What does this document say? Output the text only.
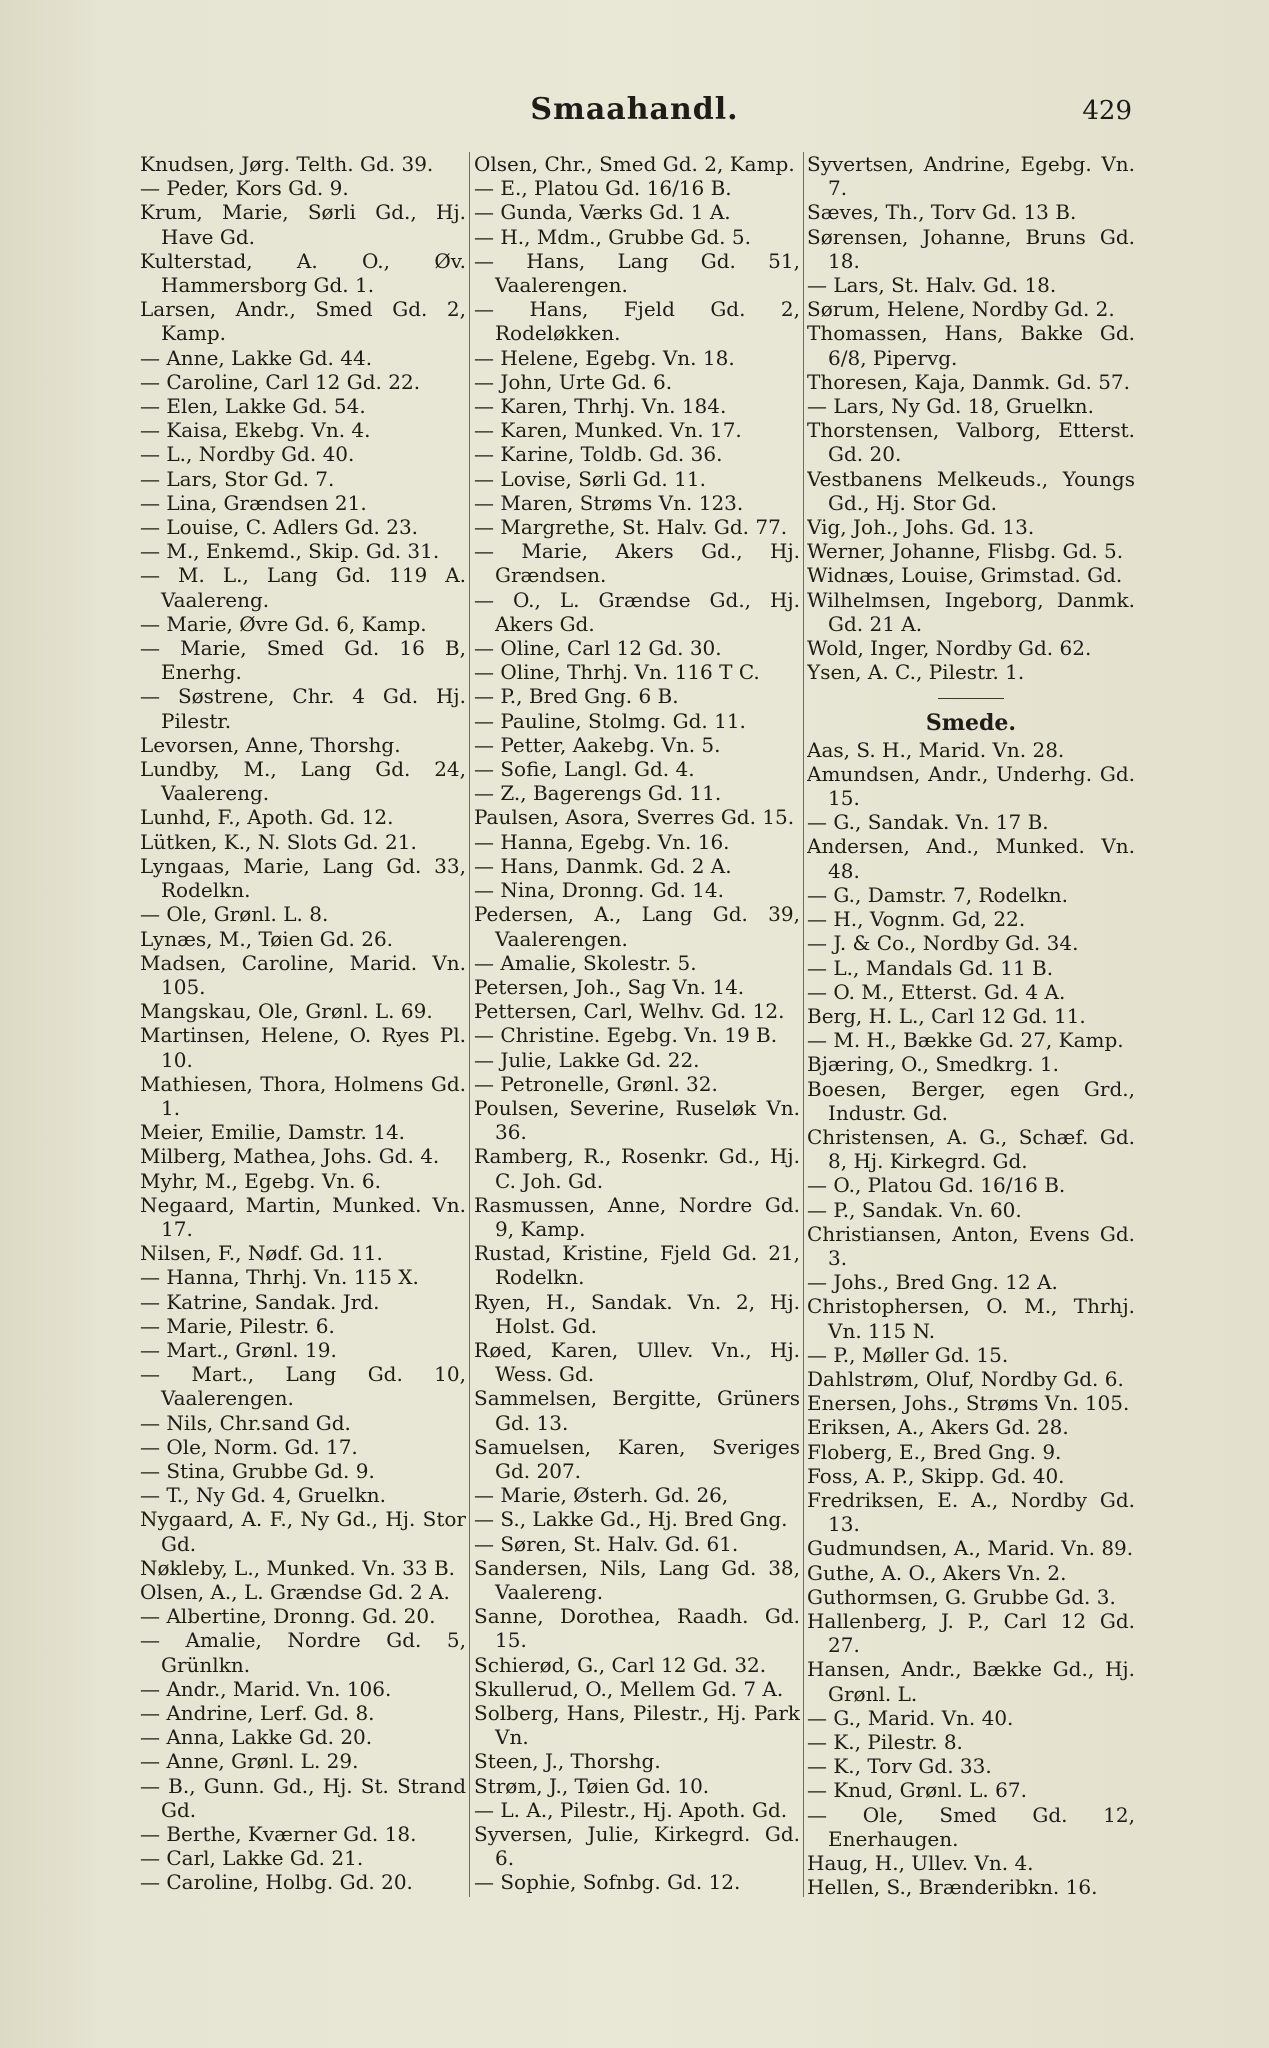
Smaahandl.	429

Knudsen, Jørg. Telth. Gd. 39.

— Peder, Kors Gd. 9.

Krum, Marie, Sørli Gd., Hj. Have Gd.

Kulterstad, A. O., Øv. Hammersborg Gd. 1.

Larsen, Andr., Smed Gd. 2, Kamp.

— Anne, Lakke Gd. 44.

— Caroline, Carl 12 Gd. 22.

— Elen, Lakke Gd. 54.

— Kaisa, Ekebg. Vn. 4.

— L., Nordby Gd. 40.

— Lars, Stor Gd. 7.

— Lina, Grændsen 21.

— Louise, C. Adlers Gd. 23.

— M., Enkemd., Skip. Gd. 31.

— M. L., Lang Gd. 119 A. Vaalereng.

— Marie, Øvre Gd. 6, Kamp.

— Marie, Smed Gd. 16 B, Enerhg.

— Søstrene, Chr. 4 Gd. Hj. Pilestr.

Levorsen, Anne, Thorshg.

Lundby, M., Lang Gd. 24, Vaalereng.

Lunhd, F., Apoth. Gd. 12.

Lütken, K., N. Slots Gd. 21.

Lyngaas, Marie, Lang Gd. 33, Rodelkn.

— Ole, Grønl. L. 8.

Lynæs, M., Tøien Gd. 26.

Madsen, Caroline, Marid. Vn. 105.

Mangskau, Ole, Grønl. L. 69.

Martinsen, Helene, O. Ryes Pl. 10.

Mathiesen, Thora, Holmens Gd. 1.

Meier, Emilie, Damstr. 14.

Milberg, Mathea, Johs. Gd. 4.

Myhr, M., Egebg. Vn. 6.

Negaard, Martin, Munked. Vn. 17.

Nilsen, F., Nødf. Gd. 11.

— Hanna, Thrhj. Vn. 115 X.

— Katrine, Sandak. Jrd.

— Marie, Pilestr. 6.

— Mart., Grønl. 19.

— Mart., Lang Gd. 10, Vaalerengen.

— Nils, Chr.sand Gd.

— Ole, Norm. Gd. 17.

— Stina, Grubbe Gd. 9.

— T., Ny Gd. 4, Gruelkn.

Nygaard, A. F., Ny Gd., Hj. Stor Gd.

Nøkleby, L., Munked. Vn. 33 B.

Olsen, A., L. Grændse Gd. 2 A.

— Albertine, Dronng. Gd. 20.

— Amalie, Nordre Gd. 5, Grünlkn.

— Andr., Marid. Vn. 106.

— Andrine, Lerf. Gd. 8.

— Anna, Lakke Gd. 20.

— Anne, Grønl. L. 29.

— B., Gunn. Gd., Hj. St. Strand Gd.

— Berthe, Kværner Gd. 18.

— Carl, Lakke Gd. 21.

— Caroline, Holbg. Gd. 20.

Olsen, Chr., Smed Gd. 2, Kamp.

— E., Platou Gd. 16/16 B.

— Gunda, Værks Gd. 1 A.

— H., Mdm., Grubbe Gd. 5.

— Hans, Lang Gd. 51, Vaalerengen.

— Hans, Fjeld Gd. 2, Rodeløkken.

— Helene, Egebg. Vn. 18.

— John, Urte Gd. 6.

— Karen, Thrhj. Vn. 184.

— Karen, Munked. Vn. 17.

— Karine, Toldb. Gd. 36.

— Lovise, Sørli Gd. 11.

— Maren, Strøms Vn. 123.

— Margrethe, St. Halv. Gd. 77.

— Marie, Akers Gd., Hj. Grændsen.

— O., L. Grændse Gd., Hj. Akers Gd.

— Oline, Carl 12 Gd. 30.

— Oline, Thrhj. Vn. 116 T C.

— P., Bred Gng. 6 B.

— Pauline, Stolmg. Gd. 11.

— Petter, Aakebg. Vn. 5.

— Sofie, Langl. Gd. 4.

— Z., Bagerengs Gd. 11.

Paulsen, Asora, Sverres Gd. 15.

— Hanna, Egebg. Vn. 16.

— Hans, Danmk. Gd. 2 A.

— Nina, Dronng. Gd. 14.

Pedersen, A., Lang Gd. 39, Vaalerengen.

— Amalie, Skolestr. 5.

Petersen, Joh., Sag Vn. 14.

Pettersen, Carl, Welhv. Gd. 12.

— Christine. Egebg. Vn. 19 B.

— Julie, Lakke Gd. 22.

— Petronelle, Grønl. 32.

Poulsen, Severine, Ruseløk Vn. 36.

Ramberg, R., Rosenkr. Gd., Hj. C. Joh. Gd.

Rasmussen, Anne, Nordre Gd. 9, Kamp.

Rustad, Kristine, Fjeld Gd. 21, Rodelkn.

Ryen, H., Sandak. Vn. 2, Hj. Holst. Gd.

Røed, Karen, Ullev. Vn., Hj. Wess. Gd.

Sammelsen, Bergitte, Grüners Gd. 13.

Samuelsen, Karen, Sveriges Gd. 207.

— Marie, Østerh. Gd. 26,

— S., Lakke Gd., Hj. Bred Gng.

— Søren, St. Halv. Gd. 61.

Sandersen, Nils, Lang Gd. 38, Vaalereng.

Sanne, Dorothea, Raadh. Gd. 15.

Schierød, G., Carl 12 Gd. 32.

Skullerud, O., Mellem Gd. 7 A.

Solberg, Hans, Pilestr., Hj. Park Vn.

Steen, J., Thorshg.

Strøm, J., Tøien Gd. 10.

— L. A., Pilestr., Hj. Apoth. Gd.

Syversen, Julie, Kirkegrd. Gd. 6.

— Sophie, Sofnbg. Gd. 12.

Syvertsen, Andrine, Egebg. Vn. 7.

Sæves, Th., Torv Gd. 13 B.

Sørensen, Johanne, Bruns Gd. 18.

— Lars, St. Halv. Gd. 18.

Sørum, Helene, Nordby Gd. 2.

Thomassen, Hans, Bakke Gd. 6/8, Pipervg.

Thoresen, Kaja, Danmk. Gd. 57.

— Lars, Ny Gd. 18, Gruelkn.

Thorstensen, Valborg, Etterst. Gd. 20.

Vestbanens Melkeuds., Youngs Gd., Hj. Stor Gd.

Vig, Joh., Johs. Gd. 13.

Werner, Johanne, Flisbg. Gd. 5.

Widnæs, Louise, Grimstad. Gd.

Wilhelmsen, Ingeborg, Danmk. Gd. 21 A.

Wold, Inger, Nordby Gd. 62.

Ysen, A. C., Pilestr. 1.

Smede.

Aas, S. H., Marid. Vn. 28.

Amundsen, Andr., Underhg. Gd. 15.

— G., Sandak. Vn. 17 B.

Andersen, And., Munked. Vn. 48.

— G., Damstr. 7, Rodelkn.

— H., Vognm. Gd, 22.

— J. & Co., Nordby Gd. 34.

— L., Mandals Gd. 11 B.

— O. M., Etterst. Gd. 4 A.

Berg, H. L., Carl 12 Gd. 11.

— M. H., Bække Gd. 27, Kamp.

Bjæring, O., Smedkrg. 1.

Boesen, Berger, egen Grd., Industr. Gd.

Christensen, A. G., Schæf. Gd. 8, Hj. Kirkegrd. Gd.

— O., Platou Gd. 16/16 B.

— P., Sandak. Vn. 60.

Christiansen, Anton, Evens Gd. 3.

— Johs., Bred Gng. 12 A.

Christophersen, O. M., Thrhj. Vn. 115 N.

— P., Møller Gd. 15.

Dahlstrøm, Oluf, Nordby Gd. 6.

Enersen, Johs., Strøms Vn. 105.

Eriksen, A., Akers Gd. 28.

Floberg, E., Bred Gng. 9.

Foss, A. P., Skipp. Gd. 40.

Fredriksen, E. A., Nordby Gd. 13.

Gudmundsen, A., Marid. Vn. 89.

Guthe, A. O., Akers Vn. 2.

Guthormsen, G. Grubbe Gd. 3.

Hallenberg, J. P., Carl 12 Gd. 27.

Hansen, Andr., Bække Gd., Hj. Grønl. L.

— G., Marid. Vn. 40.

— K., Pilestr. 8.

— K., Torv Gd. 33.

— Knud, Grønl. L. 67.

— Ole, Smed Gd. 12, Enerhaugen.

Haug, H., Ullev. Vn. 4.

Hellen, S., Brænderibkn. 16.
